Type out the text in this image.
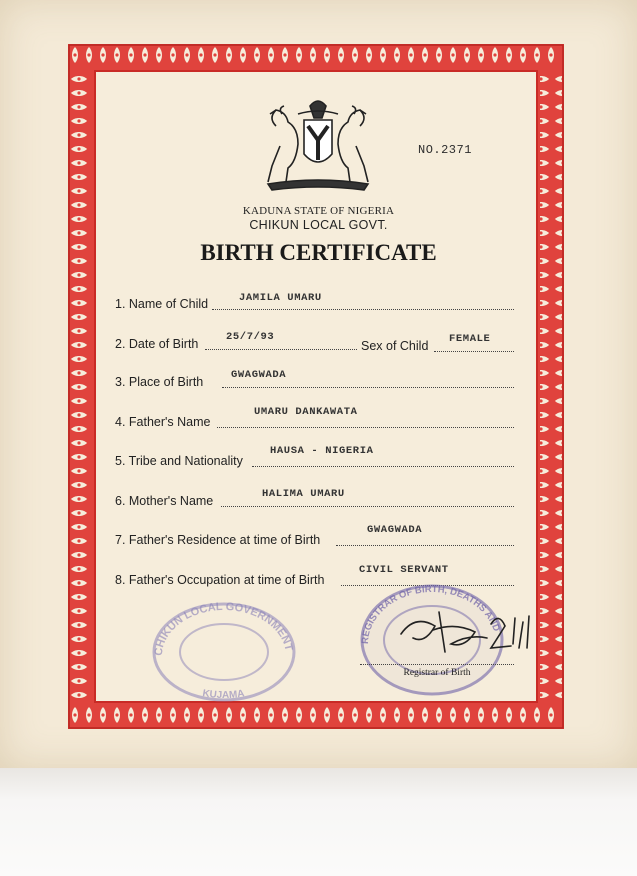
NO.2371
KADUNA STATE OF NIGERIA
CHIKUN LOCAL GOVT.
BIRTH CERTIFICATE
1. Name of Child	JAMILA UMARU
2. Date of Birth	25/7/93
Sex of Child FEMALE
3. Place of Birth	GWAGWADA
4. Father's Name
UMARU DANKAWATA
5. Tribe and Nationality
HAUSA - NIGERIA
6. Mother's Name	HALIMA UMARU
7. Father's Residence at time of Birth
GWAGWADA
8. Father's Occupation at time of Birth
CIVIL SERVANT
CHIKUN LOCAL GOVERNMENT
KUJAMA
REGISTRAR OF BIRTH, DEATHS AND
Registrar of Birth
